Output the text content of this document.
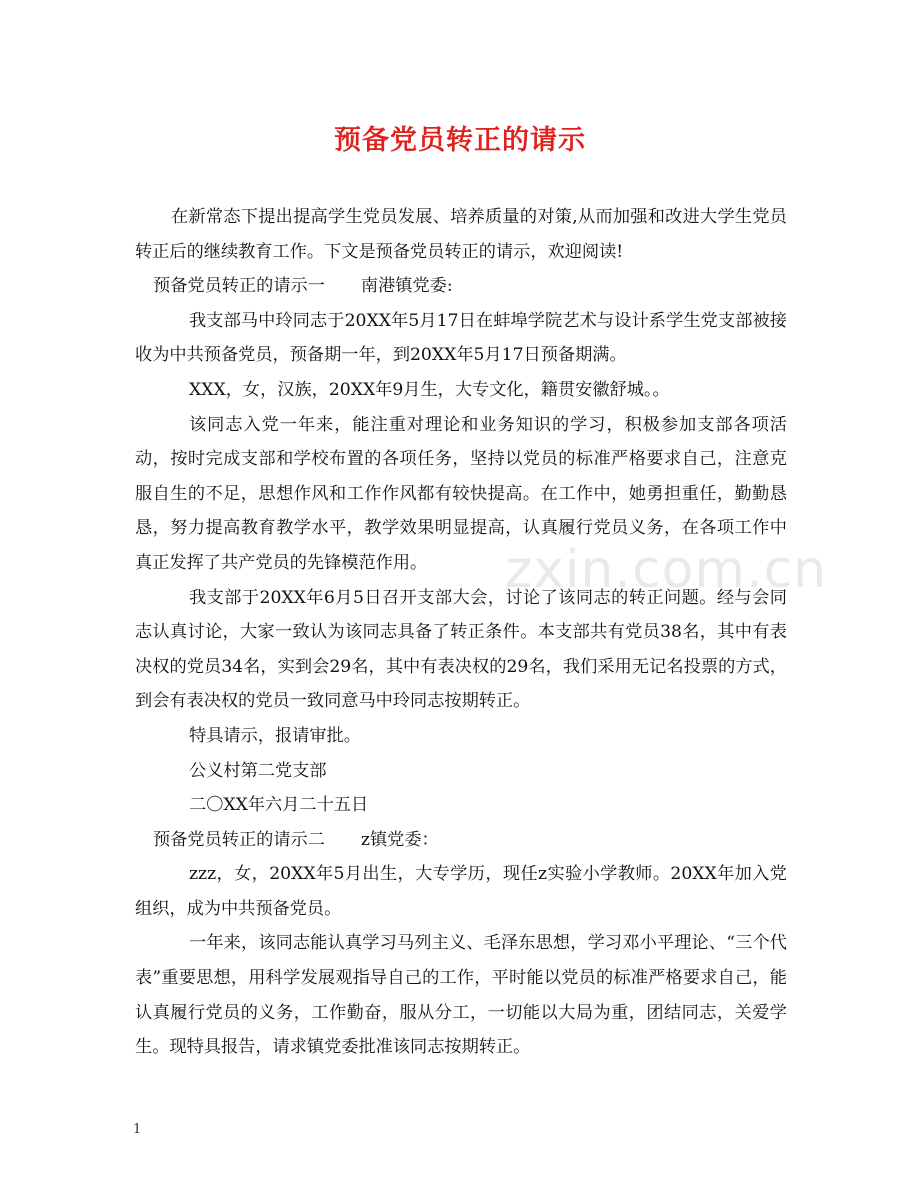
预备党员转正的请示
zxin.com.cn

在新常态下提出提高学生党员发展、培养质量的对策,从而加强和改进大学生党员转正后的继续教育工作。下文是预备党员转正的请示，欢迎阅读!

预备党员转正的请示一 南港镇党委:

我支部马中玲同志于20XX年5月17日在蚌埠学院艺术与设计系学生党支部被接收为中共预备党员，预备期一年，到20XX年5月17日预备期满。

XXX，女，汉族，20XX年9月生，大专文化，籍贯安徽舒城。。

该同志入党一年来，能注重对理论和业务知识的学习，积极参加支部各项活动，按时完成支部和学校布置的各项任务，坚持以党员的标准严格要求自己，注意克服自生的不足，思想作风和工作作风都有较快提高。在工作中，她勇担重任，勤勤恳恳，努力提高教育教学水平，教学效果明显提高，认真履行党员义务，在各项工作中真正发挥了共产党员的先锋模范作用。

我支部于20XX年6月5日召开支部大会，讨论了该同志的转正问题。经与会同志认真讨论，大家一致认为该同志具备了转正条件。本支部共有党员38名，其中有表决权的党员34名，实到会29名，其中有表决权的29名，我们采用无记名投票的方式，到会有表决权的党员一致同意马中玲同志按期转正。

特具请示，报请审批。

公义村第二党支部

二〇XX年六月二十五日

预备党员转正的请示二 z镇党委：

zzz，女，20XX年5月出生，大专学历，现任z实验小学教师。20XX年加入党组织，成为中共预备党员。

一年来，该同志能认真学习马列主义、毛泽东思想，学习邓小平理论、“三个代表”重要思想，用科学发展观指导自己的工作，平时能以党员的标准严格要求自己，能认真履行党员的义务，工作勤奋，服从分工，一切能以大局为重，团结同志，关爱学生。现特具报告，请求镇党委批准该同志按期转正。

1
